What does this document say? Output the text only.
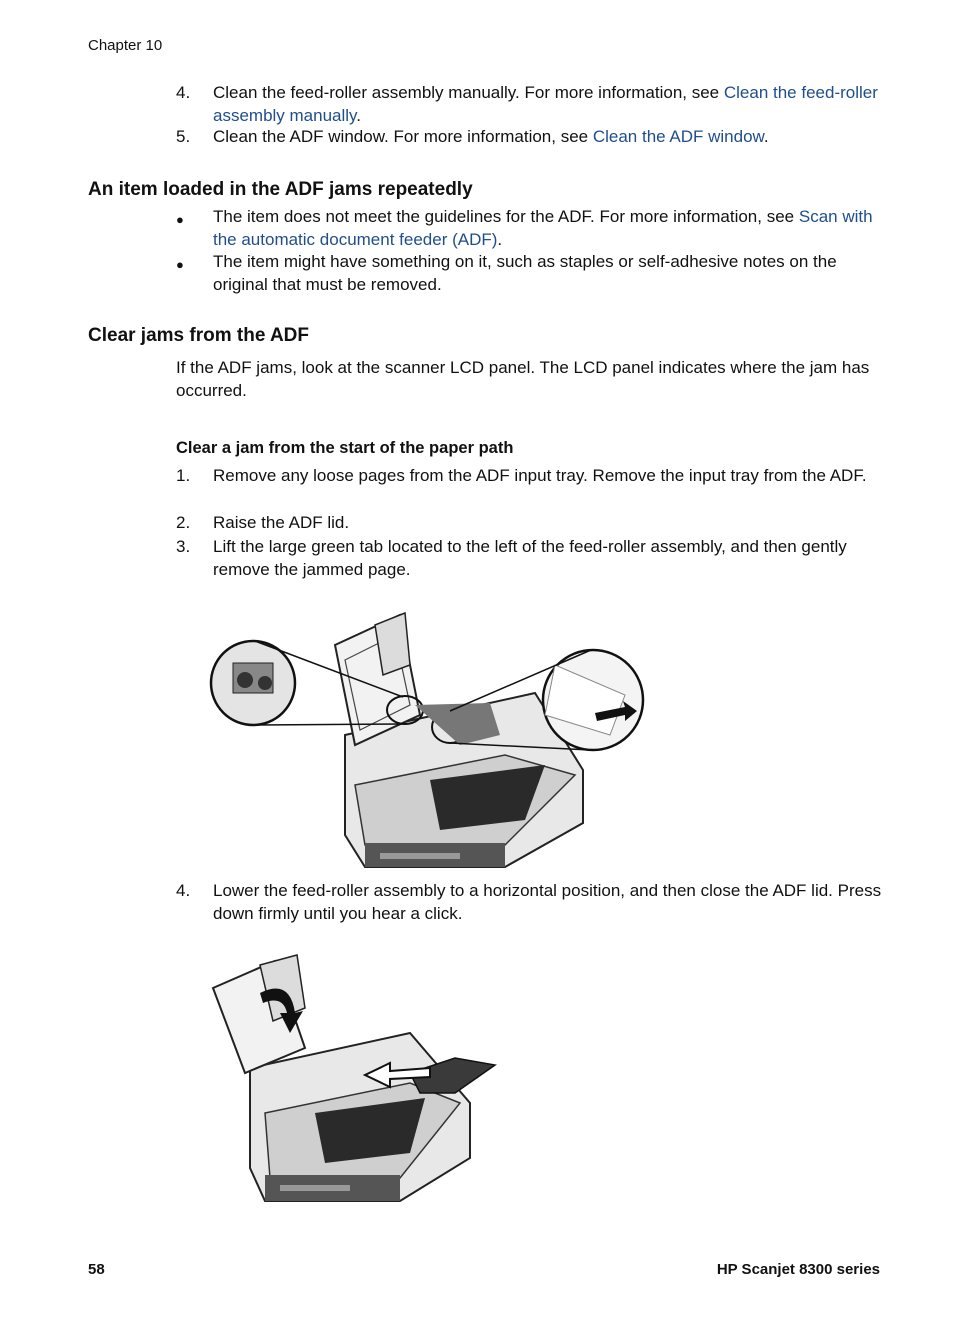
Chapter 10
4. Clean the feed-roller assembly manually. For more information, see Clean the feed-roller assembly manually.
5. Clean the ADF window. For more information, see Clean the ADF window.
An item loaded in the ADF jams repeatedly
● The item does not meet the guidelines for the ADF. For more information, see Scan with the automatic document feeder (ADF).
● The item might have something on it, such as staples or self-adhesive notes on the original that must be removed.
Clear jams from the ADF
If the ADF jams, look at the scanner LCD panel. The LCD panel indicates where the jam has occurred.
Clear a jam from the start of the paper path
1. Remove any loose pages from the ADF input tray. Remove the input tray from the ADF.
2. Raise the ADF lid.
3. Lift the large green tab located to the left of the feed-roller assembly, and then gently remove the jammed page.
4. Lower the feed-roller assembly to a horizontal position, and then close the ADF lid. Press down firmly until you hear a click.
58	HP Scanjet 8300 series
